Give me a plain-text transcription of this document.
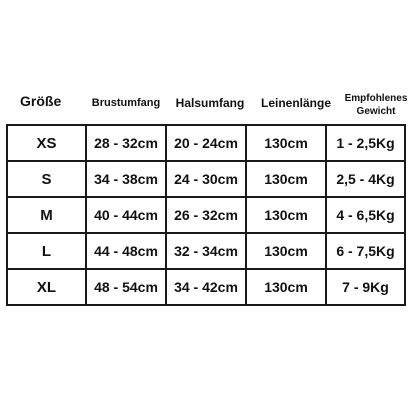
Größe	Brustumfang	Halsumfang	Leinenlänge	Empfohlenes
Gewicht
XS	28 - 32cm	20 - 24cm	130cm	1 - 2,5Kg
S	34 - 38cm	24 - 30cm	130cm	2,5 - 4Kg
M	40 - 44cm	26 - 32cm	130cm	4 - 6,5Kg
L	44 - 48cm	32 - 34cm	130cm	6 - 7,5Kg
XL	48 - 54cm	34 - 42cm	130cm	7 - 9Kg
